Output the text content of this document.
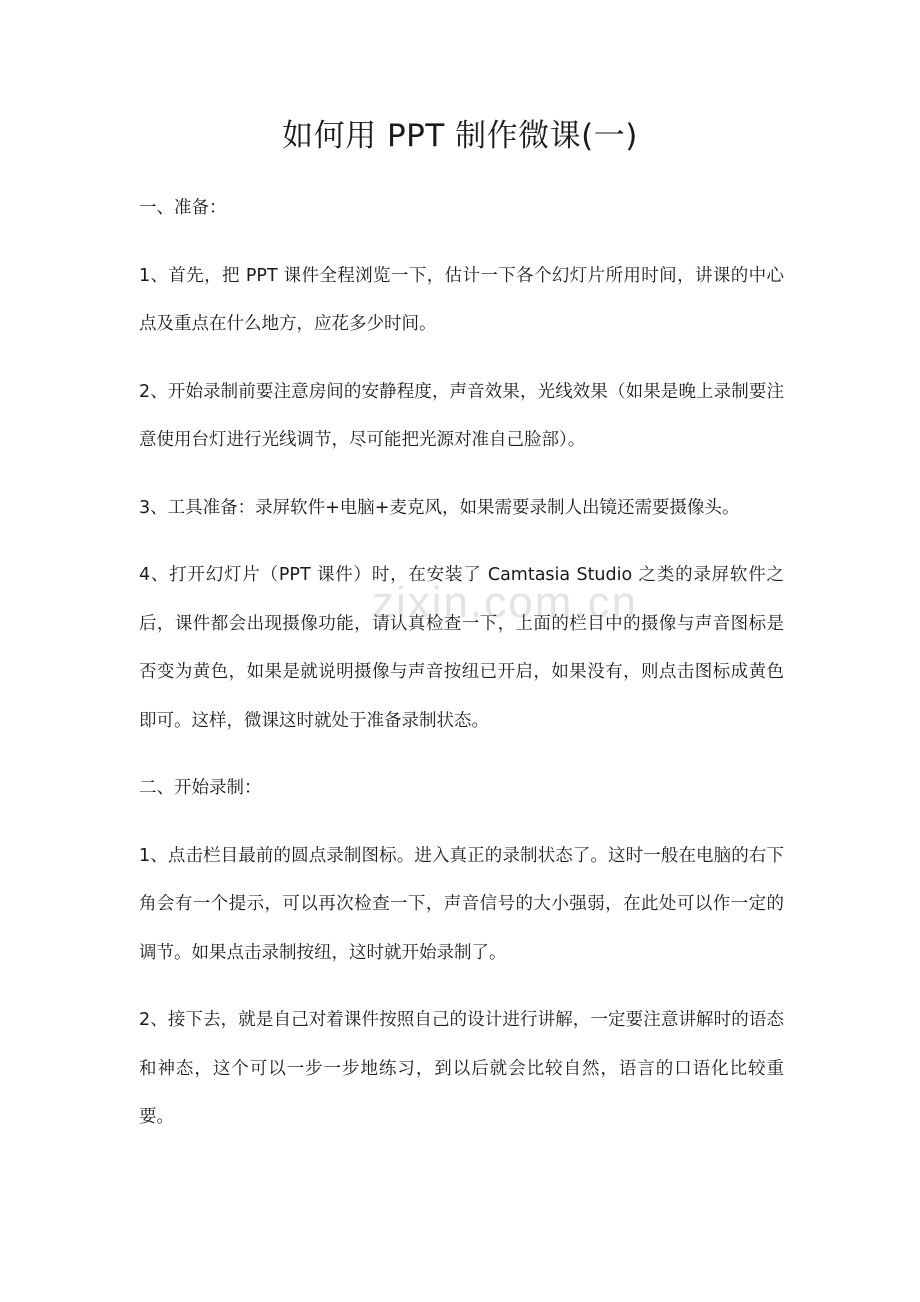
如何用 PPT 制作微课(一)
zixin.com.cn

一、准备：

1、首先，把 PPT 课件全程浏览一下，估计一下各个幻灯片所用时间，讲课的中心点及重点在什么地方，应花多少时间。

2、开始录制前要注意房间的安静程度，声音效果，光线效果（如果是晚上录制要注意使用台灯进行光线调节，尽可能把光源对准自己脸部）。

3、工具准备：录屏软件+电脑+麦克风，如果需要录制人出镜还需要摄像头。

4、打开幻灯片（PPT 课件）时，在安装了 Camtasia Studio 之类的录屏软件之后，课件都会出现摄像功能，请认真检查一下，上面的栏目中的摄像与声音图标是否变为黄色，如果是就说明摄像与声音按纽已开启，如果没有，则点击图标成黄色即可。这样，微课这时就处于准备录制状态。

二、开始录制：

1、点击栏目最前的圆点录制图标。进入真正的录制状态了。这时一般在电脑的右下角会有一个提示，可以再次检查一下，声音信号的大小强弱，在此处可以作一定的调节。如果点击录制按纽，这时就开始录制了。

2、接下去，就是自己对着课件按照自己的设计进行讲解，一定要注意讲解时的语态和神态，这个可以一步一步地练习，到以后就会比较自然，语言的口语化比较重要。
